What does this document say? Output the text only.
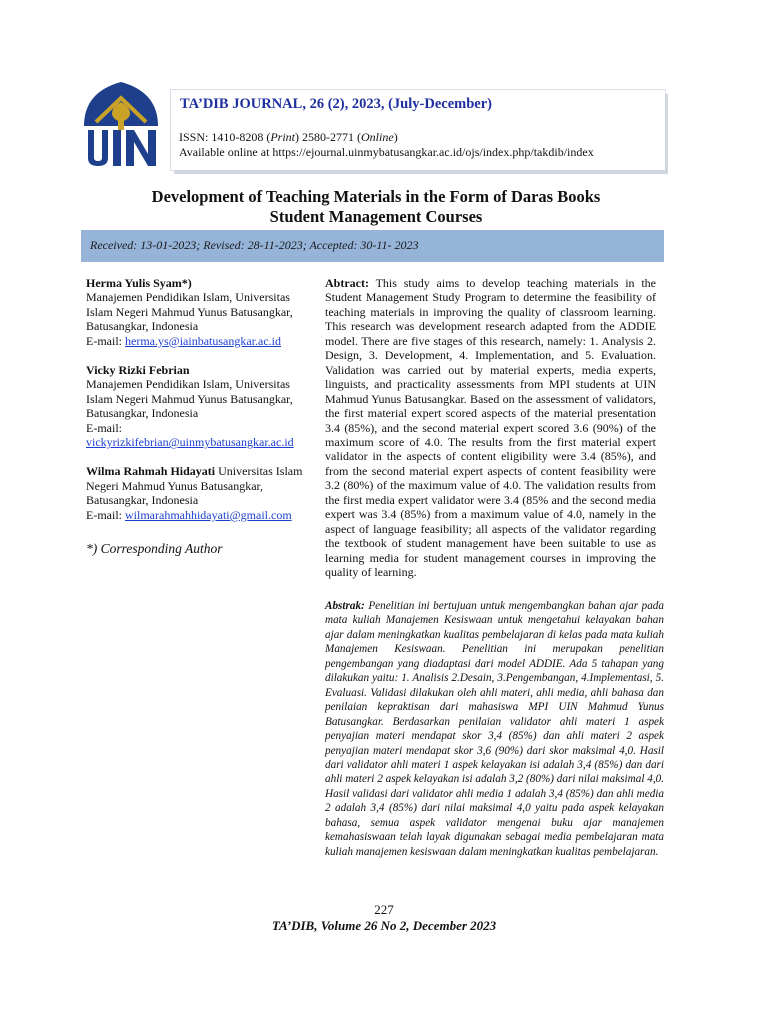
TA’DIB JOURNAL, 26 (2), 2023, (July-December)
ISSN: 1410-8208 (Print) 2580-2771 (Online)
Available online at https://ejournal.uinmybatusangkar.ac.id/ojs/index.php/takdib/index
Development of Teaching Materials in the Form of Daras Books
Student Management Courses
Received: 13-01-2023; Revised: 28-11-2023; Accepted: 30-11- 2023
Herma Yulis Syam*)
Manajemen Pendidikan Islam, Universitas Islam Negeri Mahmud Yunus Batusangkar, Batusangkar, Indonesia
E-mail: herma.ys@iainbatusangkar.ac.id
Vicky Rizki Febrian
Manajemen Pendidikan Islam, Universitas Islam Negeri Mahmud Yunus Batusangkar, Batusangkar, Indonesia
E-mail:
vickyrizkifebrian@uinmybatusangkar.ac.id
Wilma Rahmah Hidayati Universitas Islam Negeri Mahmud Yunus Batusangkar, Batusangkar, Indonesia
E-mail: wilmarahmahhidayati@gmail.com
*) Corresponding Author
Abtract: This study aims to develop teaching materials in the Student Management Study Program to determine the feasibility of teaching materials in improving the quality of classroom learning. This research was development research adapted from the ADDIE model. There are five stages of this research, namely: 1. Analysis 2. Design, 3. Development, 4. Implementation, and 5. Evaluation. Validation was carried out by material experts, media experts, linguists, and practicality assessments from MPI students at UIN Mahmud Yunus Batusangkar. Based on the assessment of validators, the first material expert scored aspects of the material presentation 3.4 (85%), and the second material expert scored 3.6 (90%) of the maximum score of 4.0. The results from the first material expert validator in the aspects of content eligibility were 3.4 (85%), and from the second material expert aspects of content feasibility were 3.2 (80%) of the maximum value of 4.0. The validation results from the first media expert validator were 3.4 (85% and the second media expert was 3.4 (85%) from a maximum value of 4.0, namely in the aspect of language feasibility; all aspects of the validator regarding the textbook of student management have been suitable to use as learning media for student management courses in improving the quality of learning.
Abstrak: Penelitian ini bertujuan untuk mengembangkan bahan ajar pada mata kuliah Manajemen Kesiswaan untuk mengetahui kelayakan bahan ajar dalam meningkatkan kualitas pembelajaran di kelas pada mata kuliah Manajemen Kesiswaan. Penelitian ini merupakan penelitian pengembangan yang diadaptasi dari model ADDIE. Ada 5 tahapan yang dilakukan yaitu: 1. Analisis 2.Desain, 3.Pengembangan, 4.Implementasi, 5. Evaluasi. Validasi dilakukan oleh ahli materi, ahli media, ahli bahasa dan penilaian kepraktisan dari mahasiswa MPI UIN Mahmud Yunus Batusangkar. Berdasarkan penilaian validator ahli materi 1 aspek penyajian materi mendapat skor 3,4 (85%) dan ahli materi 2 aspek penyajian materi mendapat skor 3,6 (90%) dari skor maksimal 4,0. Hasil dari validator ahli materi 1 aspek kelayakan isi adalah 3,4 (85%) dan dari ahli materi 2 aspek kelayakan isi adalah 3,2 (80%) dari nilai maksimal 4,0. Hasil validasi dari validator ahli media 1 adalah 3,4 (85%) dan ahli media 2 adalah 3,4 (85%) dari nilai maksimal 4,0 yaitu pada aspek kelayakan bahasa, semua aspek validator mengenai buku ajar manajemen kemahasiswaan telah layak digunakan sebagai media pembelajaran mata kuliah manajemen kesiswaan dalam meningkatkan kualitas pembelajaran.
227
TA’DIB, Volume 26 No 2, December 2023
